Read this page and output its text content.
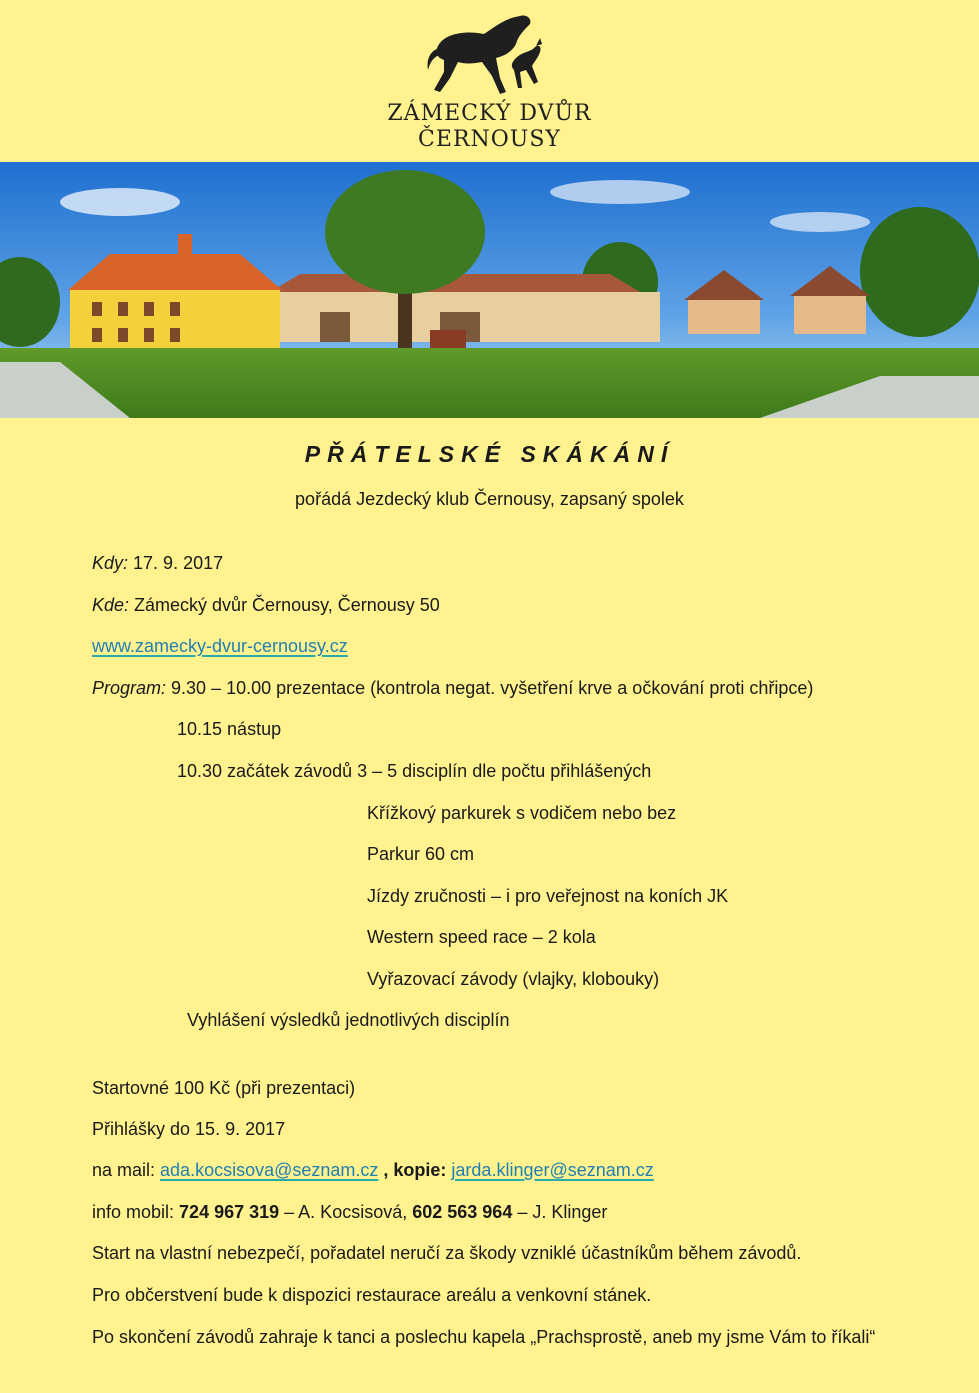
ZÁMECKÝ DVŮR
ČERNOUSY
PŘÁTELSKÉ SKÁKÁNÍ
pořádá Jezdecký klub Černousy, zapsaný spolek
Kdy: 17. 9. 2017
Kde: Zámecký dvůr Černousy, Černousy 50
www.zamecky-dvur-cernousy.cz
Program: 9.30 – 10.00 prezentace (kontrola negat. vyšetření krve a očkování proti chřipce)
10.15 nástup
10.30 začátek závodů 3 – 5 disciplín dle počtu přihlášených
Křížkový parkurek s vodičem nebo bez
Parkur 60 cm
Jízdy zručnosti – i pro veřejnost na koních JK
Western speed race – 2 kola
Vyřazovací závody (vlajky, klobouky)
Vyhlášení výsledků jednotlivých disciplín
Startovné 100 Kč (při prezentaci)
Přihlášky do 15. 9. 2017
na mail: ada.kocsisova@seznam.cz , kopie: jarda.klinger@seznam.cz
info mobil: 724 967 319 – A. Kocsisová, 602 563 964 – J. Klinger
Start na vlastní nebezpečí, pořadatel neručí za škody vzniklé účastníkům během závodů.
Pro občerstvení bude k dispozici restaurace areálu a venkovní stánek.
Po skončení závodů zahraje k tanci a poslechu kapela „Prachsprostě, aneb my jsme Vám to říkali“
